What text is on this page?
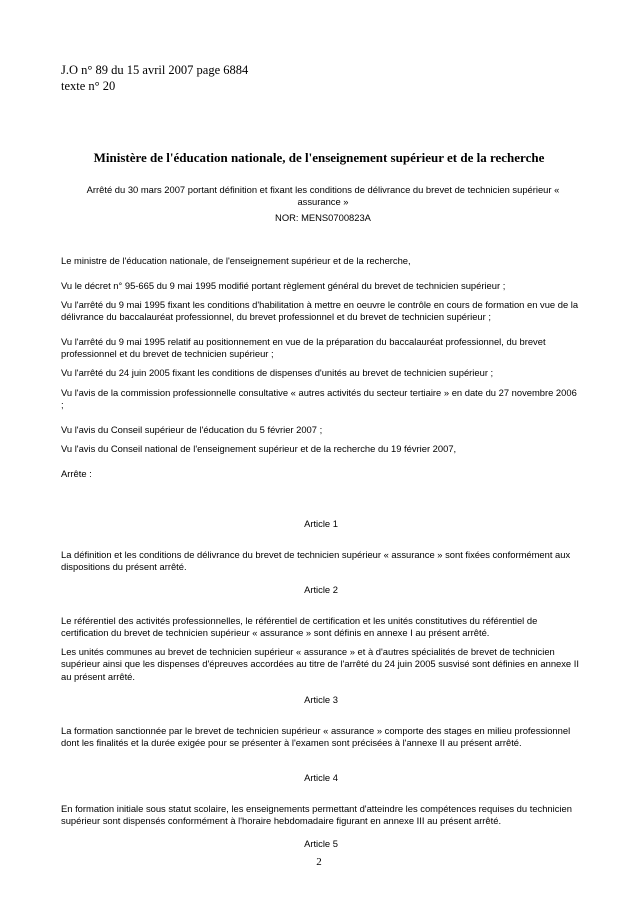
J.O n° 89 du 15 avril 2007 page 6884
texte n° 20
Ministère de l'éducation nationale, de l'enseignement supérieur et de la recherche
Arrêté du 30 mars 2007 portant définition et fixant les conditions de délivrance du brevet de technicien supérieur « assurance »
NOR: MENS0700823A
Le ministre de l'éducation nationale, de l'enseignement supérieur et de la recherche,
Vu le décret n° 95-665 du 9 mai 1995 modifié portant règlement général du brevet de technicien supérieur ;
Vu l'arrêté du 9 mai 1995 fixant les conditions d'habilitation à mettre en oeuvre le contrôle en cours de formation en vue de la délivrance du baccalauréat professionnel, du brevet professionnel et du brevet de technicien supérieur ;
Vu l'arrêté du 9 mai 1995 relatif au positionnement en vue de la préparation du baccalauréat professionnel, du brevet professionnel et du brevet de technicien supérieur ;
Vu l'arrêté du 24 juin 2005 fixant les conditions de dispenses d'unités au brevet de technicien supérieur ;
Vu l'avis de la commission professionnelle consultative « autres activités du secteur tertiaire » en date du 27 novembre 2006 ;
Vu l'avis du Conseil supérieur de l'éducation du 5 février 2007 ;
Vu l'avis du Conseil national de l'enseignement supérieur et de la recherche du 19 février 2007,
Arrête :
Article 1
La définition et les conditions de délivrance du brevet de technicien supérieur « assurance » sont fixées conformément aux dispositions du présent arrêté.
Article 2
Le référentiel des activités professionnelles, le référentiel de certification et les unités constitutives du référentiel de certification du brevet de technicien supérieur « assurance » sont définis en annexe I au présent arrêté.
Les unités communes au brevet de technicien supérieur « assurance » et à d'autres spécialités de brevet de technicien supérieur ainsi que les dispenses d'épreuves accordées au titre de l'arrêté du 24 juin 2005 susvisé sont définies en annexe II au présent arrêté.
Article 3
La formation sanctionnée par le brevet de technicien supérieur « assurance » comporte des stages en milieu professionnel dont les finalités et la durée exigée pour se présenter à l'examen sont précisées à l'annexe II au présent arrêté.
Article 4
En formation initiale sous statut scolaire, les enseignements permettant d'atteindre les compétences requises du technicien supérieur sont dispensés conformément à l'horaire hebdomadaire figurant en annexe III au présent arrêté.
Article 5
2
